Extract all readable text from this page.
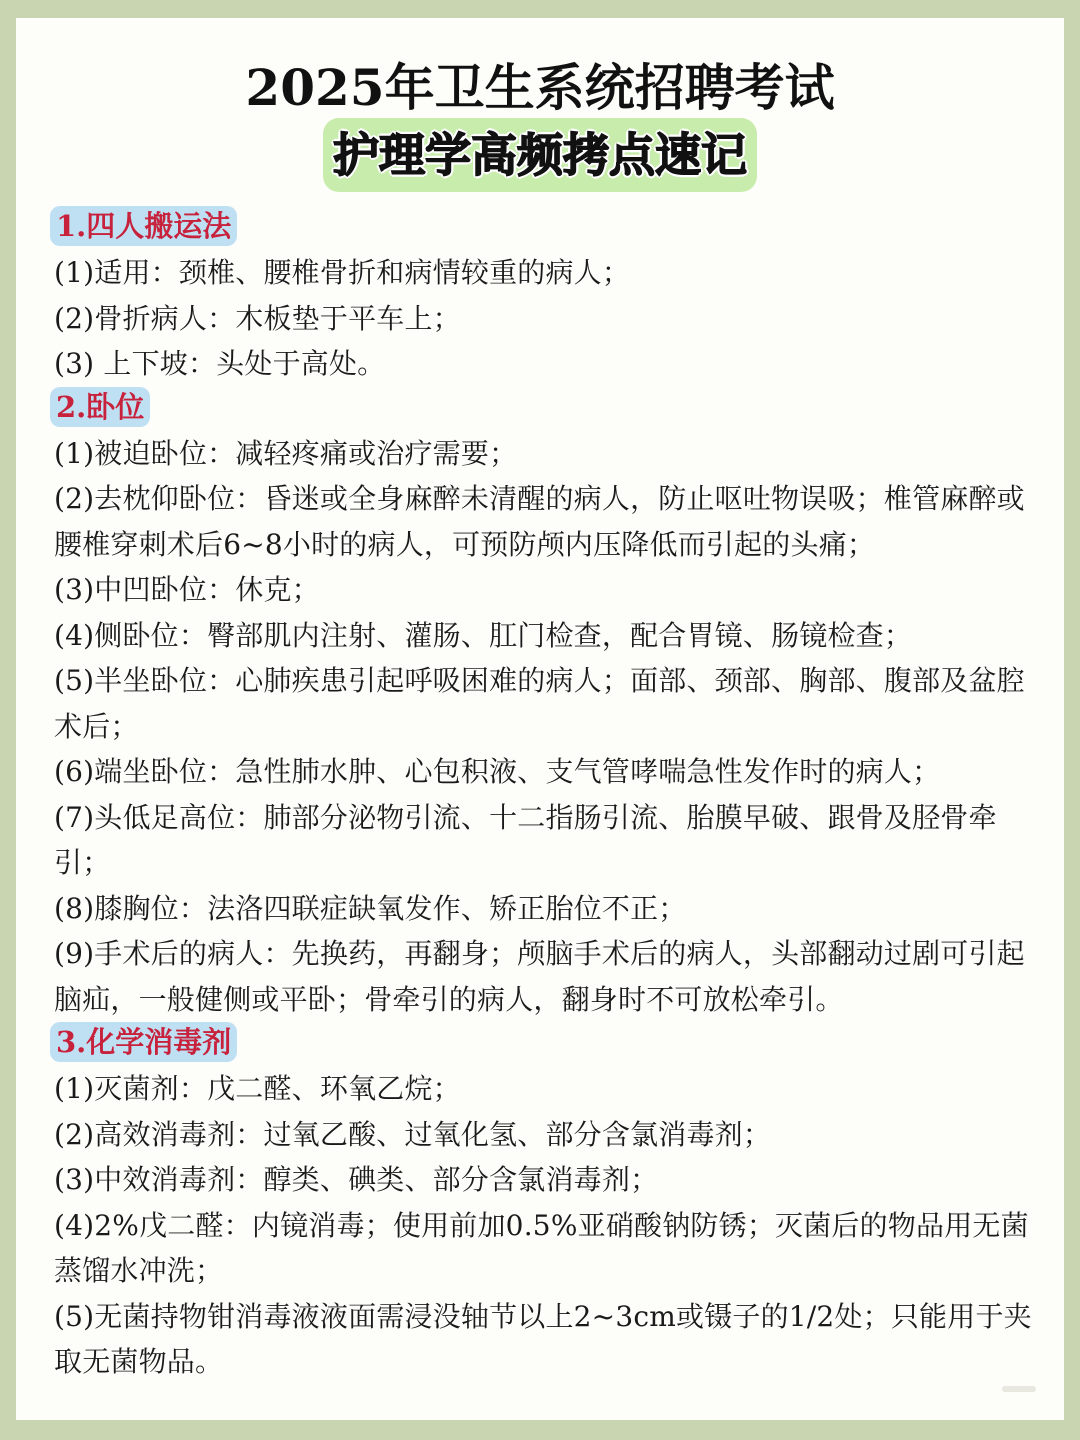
2025年卫生系统招聘考试
护理学高频拷点速记
1.四人搬运法
(1)适用：颈椎、腰椎骨折和病情较重的病人；
(2)骨折病人：木板垫于平车上；
(3) 上下坡：头处于高处。
2.卧位
(1)被迫卧位：减轻疼痛或治疗需要；
(2)去枕仰卧位：昏迷或全身麻醉未清醒的病人，防止呕吐物误吸；椎管麻醉或腰椎穿刺术后6~8小时的病人，可预防颅内压降低而引起的头痛；
(3)中凹卧位：休克；
(4)侧卧位：臀部肌内注射、灌肠、肛门检查，配合胃镜、肠镜检查；
(5)半坐卧位：心肺疾患引起呼吸困难的病人；面部、颈部、胸部、腹部及盆腔术后；
(6)端坐卧位：急性肺水肿、心包积液、支气管哮喘急性发作时的病人；
(7)头低足高位：肺部分泌物引流、十二指肠引流、胎膜早破、跟骨及胫骨牵引；
(8)膝胸位：法洛四联症缺氧发作、矫正胎位不正；
(9)手术后的病人：先换药，再翻身；颅脑手术后的病人，头部翻动过剧可引起脑疝，一般健侧或平卧；骨牵引的病人，翻身时不可放松牵引。
3.化学消毒剂
(1)灭菌剂：戊二醛、环氧乙烷；
(2)高效消毒剂：过氧乙酸、过氧化氢、部分含氯消毒剂；
(3)中效消毒剂：醇类、碘类、部分含氯消毒剂；
(4)2%戊二醛：内镜消毒；使用前加0.5%亚硝酸钠防锈；灭菌后的物品用无菌蒸馏水冲洗；
(5)无菌持物钳消毒液液面需浸没轴节以上2~3cm或镊子的1/2处；只能用于夹取无菌物品。
